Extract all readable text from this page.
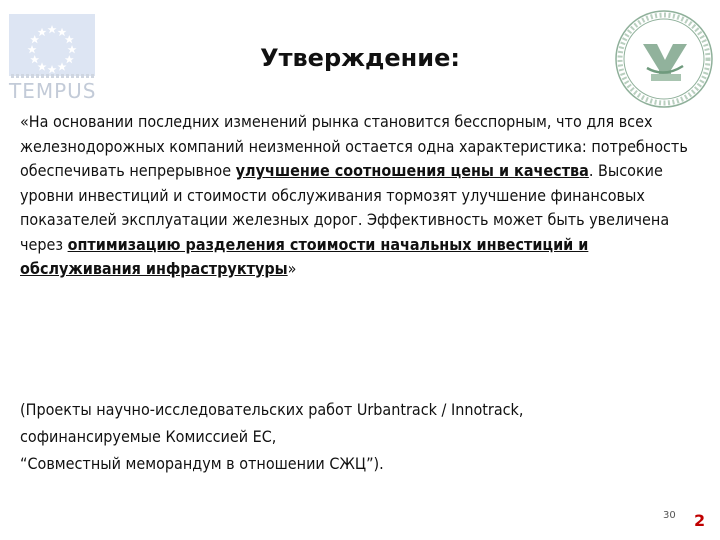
TEMPUS
Утверждение:
«На основании последних изменений рынка становится бесспорным, что для всех железнодорожных компаний неизменной остается одна характеристика: потребность обеспечивать непрерывное улучшение соотношения цены и качества. Высокие уровни инвестиций и стоимости обслуживания тормозят улучшение финансовых показателей эксплуатации железных дорог. Эффективность может быть увеличена через оптимизацию разделения стоимости начальных инвестиций и обслуживания инфраструктуры»
(Проекты научно-исследовательских работ Urbantrack / Innotrack,
софинансируемые Комиссией ЕС,
“Совместный меморандум в отношении СЖЦ”).
30 2
